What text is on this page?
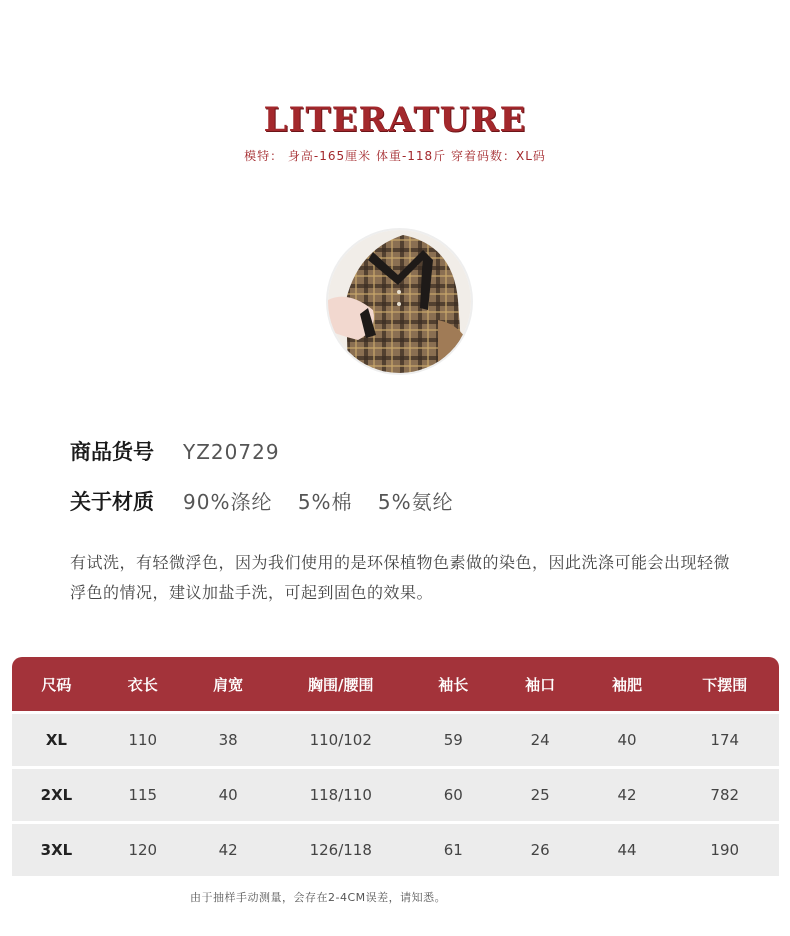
LITERATURE
模特： 身高-165厘米 体重-118斤 穿着码数：XL码
商品货号	YZ20729
关于材质	90%涤纶 5%棉 5%氨纶
有试洗，有轻微浮色，因为我们使用的是环保植物色素做的染色，因此洗涤可能会出现轻微浮色的情况，建议加盐手洗，可起到固色的效果。
尺码	衣长	肩宽	胸围/腰围	袖长	袖口	袖肥	下摆围
XL	110	38	110/102	59	24	40	174
2XL	115	40	118/110	60	25	42	782
3XL	120	42	126/118	61	26	44	190
由于抽样手动测量，会存在2-4CM误差，请知悉。
